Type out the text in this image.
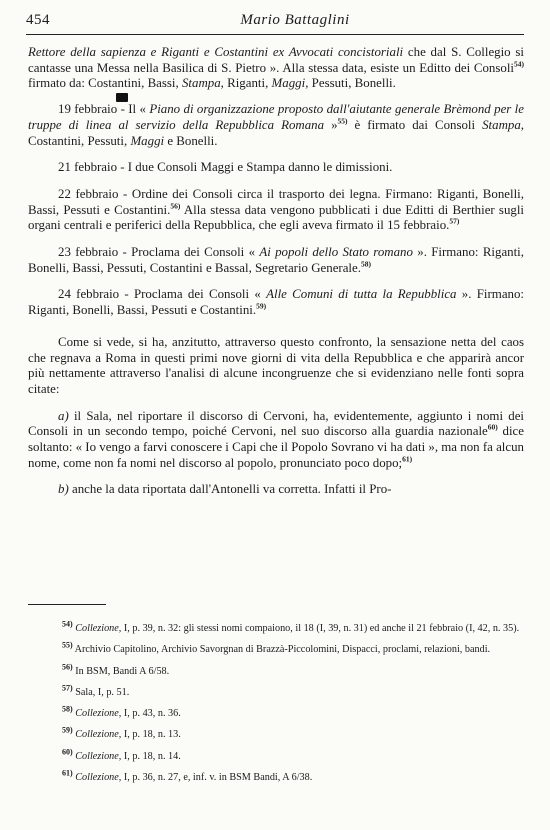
454	Mario Battaglini

Rettore della sapienza e Riganti e Costantini ex Avvocati concistoriali che dal S. Collegio si cantasse una Messa nella Basilica di S. Pietro ». Alla stessa data, esiste un Editto dei Consoli$^{54)}$ firmato da: Costantini, Bassi, Stampa, Riganti, Maggi, Pessuti, Bonelli.

19 febbraio - Il « Piano di organizzazione proposto dall'aiutante generale Brèmond per le truppe di linea al servizio della Repubblica Romana »$^{55)}$ è firmato dai Consoli Stampa, Costantini, Pessuti, Maggi e Bonelli.

21 febbraio - I due Consoli Maggi e Stampa danno le dimissioni.

22 febbraio - Ordine dei Consoli circa il trasporto dei legna. Firmano: Riganti, Bonelli, Bassi, Pessuti e Costantini.$^{56)}$ Alla stessa data vengono pubblicati i due Editti di Berthier sugli organi centrali e periferici della Repubblica, che egli aveva firmato il 15 febbraio.$^{57)}$

23 febbraio - Proclama dei Consoli « Ai popoli dello Stato romano ». Firmano: Riganti, Bonelli, Bassi, Pessuti, Costantini e Bassal, Segretario Generale.$^{58)}$

24 febbraio - Proclama dei Consoli « Alle Comuni di tutta la Repubblica ». Firmano: Riganti, Bonelli, Bassi, Pessuti e Costantini.$^{59)}$

Come si vede, si ha, anzitutto, attraverso questo confronto, la sensazione netta del caos che regnava a Roma in questi primi nove giorni di vita della Repubblica e che apparirà ancor più nettamente attraverso l'analisi di alcune incongruenze che si evidenziano nelle fonti sopra citate:

a) il Sala, nel riportare il discorso di Cervoni, ha, evidentemente, aggiunto i nomi dei Consoli in un secondo tempo, poiché Cervoni, nel suo discorso alla guardia nazionale$^{60)}$ dice soltanto: « Io vengo a farvi conoscere i Capi che il Popolo Sovrano vi ha dati », ma non fa alcun nome, come non fa nomi nel discorso al popolo, pronunciato poco dopo;$^{61)}$

b) anche la data riportata dall'Antonelli va corretta. Infatti il Pro-

$^{54)}$ Collezione, I, p. 39, n. 32: gli stessi nomi compaiono, il 18 (I, 39, n. 31) ed anche il 21 febbraio (I, 42, n. 35).

$^{55)}$ Archivio Capitolino, Archivio Savorgnan di Brazzà-Piccolomini, Dispacci, proclami, relazioni, bandi.

$^{56)}$ In BSM, Bandi A 6/58.

$^{57)}$ Sala, I, p. 51.

$^{58)}$ Collezione, I, p. 43, n. 36.

$^{59)}$ Collezione, I, p. 18, n. 13.

$^{60)}$ Collezione, I, p. 18, n. 14.

$^{61)}$ Collezione, I, p. 36, n. 27, e, inf. v. in BSM Bandi, A 6/38.
